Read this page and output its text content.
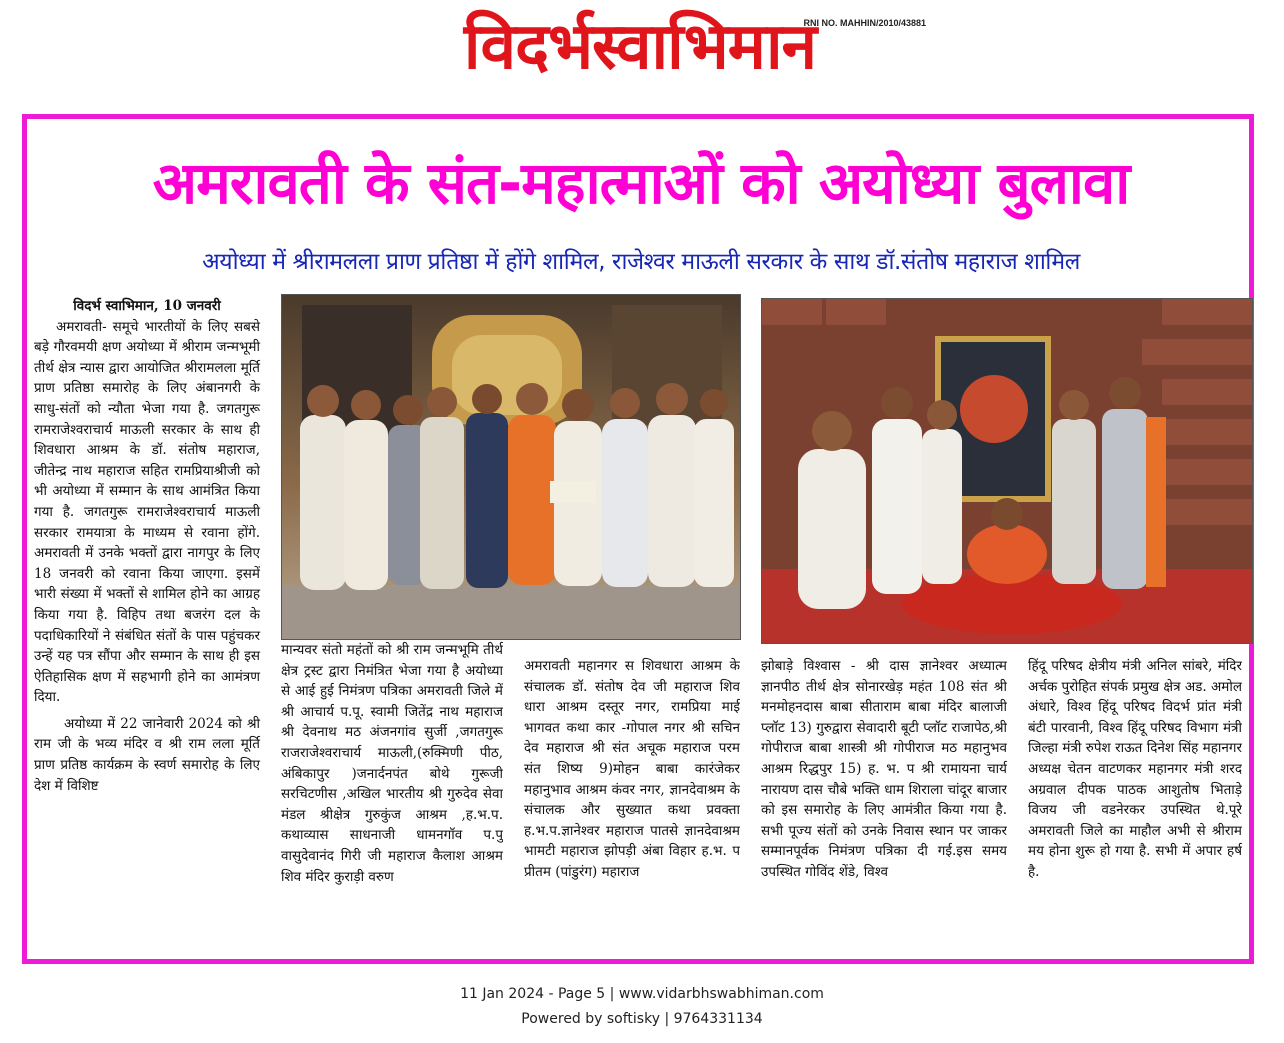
विदर्भस्वाभिमान
RNI NO. MAHHIN/2010/43881
अमरावती के संत-महात्माओं को अयोध्या बुलावा
अयोध्या में श्रीरामलला प्राण प्रतिष्ठा में होंगे शामिल, राजेश्वर माऊली सरकार के साथ डॉ.संतोष महाराज शामिल

विदर्भ स्वाभिमान, 10 जनवरी

अमरावती- समूचे भारतीयों के लिए सबसे बड़े गौरवमयी क्षण अयोध्या में श्रीराम जन्मभूमी तीर्थ क्षेत्र न्यास द्वारा आयोजित श्रीरामलला मूर्ति प्राण प्रतिष्ठा समारोह के लिए अंबानगरी के साधु-संतों को न्यौता भेजा गया है. जगतगुरू रामराजेश्वराचार्य माऊली सरकार के साथ ही शिवधारा आश्रम के डॉ. संतोष महाराज, जीतेन्द्र नाथ महाराज सहित रामप्रियाश्रीजी को भी अयोध्या में सम्मान के साथ आमंत्रित किया गया है. जगतगुरू रामराजेश्वराचार्य माऊली सरकार रामयात्रा के माध्यम से रवाना होंगे. अमरावती में उनके भक्तों द्वारा नागपुर के लिए 18 जनवरी को रवाना किया जाएगा. इसमें भारी संख्या में भक्तों से शामिल होने का आग्रह किया गया है. विहिप तथा बजरंग दल के पदाधिकारियों ने संबंधित संतों के पास पहुंचकर उन्हें यह पत्र सौंपा और सम्मान के साथ ही इस ऐतिहासिक क्षण में सहभागी होने का आमंत्रण दिया.

अयोध्या में 22 जानेवारी 2024 को श्री राम जी के भव्य मंदिर व श्री राम लला मूर्ति प्राण प्रतिष्ठ कार्यक्रम के स्वर्ण समारोह के लिए देश में विशिष्ट

मान्यवर संतो महंतों को श्री राम जन्मभूमि तीर्थ क्षेत्र ट्रस्ट द्वारा निमंत्रित भेजा गया है अयोध्या से आई हुई निमंत्रण पत्रिका अमरावती जिले में श्री आचार्य प.पू. स्वामी जितेंद्र नाथ महाराज श्री देवनाथ मठ अंजनगांव सुर्जी ,जगतगुरू राजराजेश्वराचार्य माऊली,(रुक्मिणी पीठ, अंबिकापुर )जनार्दनपंत बोथे गुरूजी सरचिटणीस ,अखिल भारतीय श्री गुरुदेव सेवा मंडल श्रीक्षेत्र गुरुकुंज आश्रम ,ह.भ.प. कथाव्यास साधनाजी धामनगॉव प.पु वासुदेवानंद गिरी जी महाराज कैलाश आश्रम शिव मंदिर कुराड़ी वरुण

अमरावती महानगर स शिवधारा आश्रम के संचालक डॉ. संतोष देव जी महाराज शिव धारा आश्रम दस्तूर नगर, रामप्रिया माई भागवत कथा कार -गोपाल नगर श्री सचिन देव महाराज श्री संत अचूक महाराज परम संत शिष्य 9)मोहन बाबा कारंजेकर महानुभाव आश्रम कंवर नगर, ज्ञानदेवाश्रम के संचालक और सुख्यात कथा प्रवक्ता ह.भ.प.ज्ञानेश्वर महाराज पातसे ज्ञानदेवाश्रम भामटी महाराज झोपड़ी अंबा विहार ह.भ. प प्रीतम (पांडुरंग) महाराज

झोबाड़े विश्वास - श्री दास ज्ञानेश्वर अध्यात्म ज्ञानपीठ तीर्थ क्षेत्र सोनारखेड़ महंत 108 संत श्री मनमोहनदास बाबा सीताराम बाबा मंदिर बालाजी प्लॉट 13) गुरुद्वारा सेवादारी बूटी प्लॉट राजापेठ,श्री गोपीराज बाबा शास्त्री श्री गोपीराज मठ महानुभव आश्रम रिद्धपुर 15) ह. भ. प श्री रामायना चार्य नारायण दास चौबे भक्ति धाम शिराला चांदूर बाजार को इस समारोह के लिए आमंत्रीत किया गया है. सभी पूज्य संतों को उनके निवास स्थान पर जाकर सम्मानपूर्वक निमंत्रण पत्रिका दी गई.इस समय उपस्थित गोविंद शेंडे, विश्व

हिंदू परिषद क्षेत्रीय मंत्री अनिल सांबरे, मंदिर अर्चक पुरोहित संपर्क प्रमुख क्षेत्र अड. अमोल अंधारे, विश्व हिंदू परिषद विदर्भ प्रांत मंत्री बंटी पारवानी, विश्व हिंदू परिषद विभाग मंत्री जिल्हा मंत्री रुपेश राऊत दिनेश सिंह महानगर अध्यक्ष चेतन वाटणकर महानगर मंत्री शरद अग्रवाल दीपक पाठक आशुतोष भिताड़े विजय जी वडनेरकर उपस्थित थे.पूरे अमरावती जिले का माहौल अभी से श्रीराम मय होना शुरू हो गया है. सभी में अपार हर्ष है.

11 Jan 2024 - Page 5 | www.vidarbhswabhiman.com
Powered by softisky | 9764331134
